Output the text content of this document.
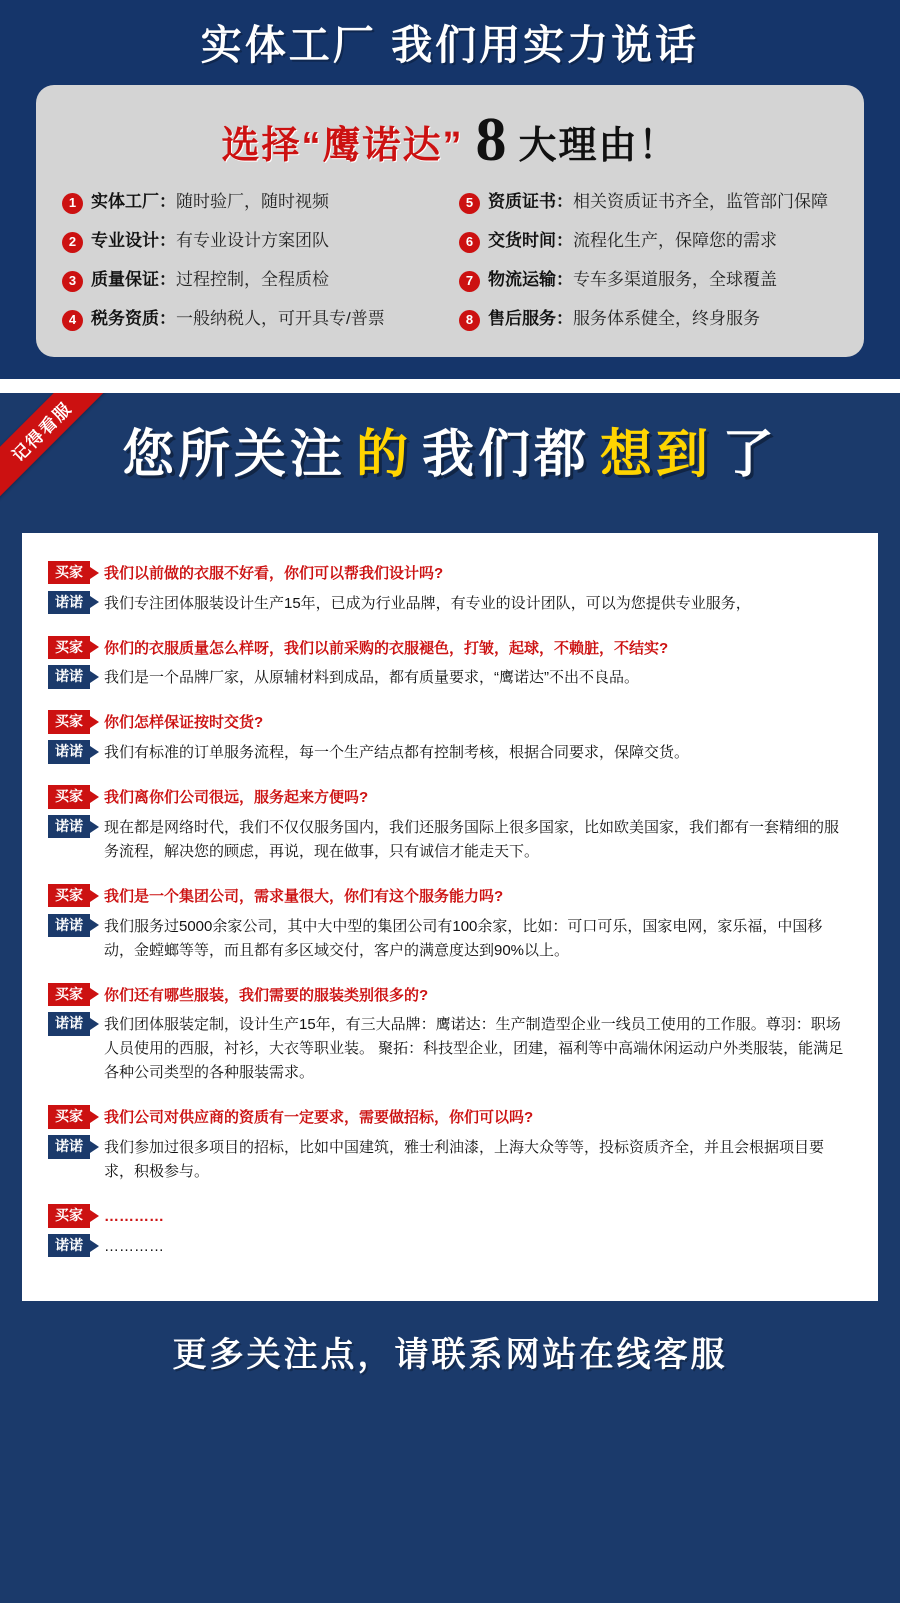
实体工厂 我们用实力说话
选择“鹰诺达” 8 大理由！
1 实体工厂：随时验厂，随时视频	5 资质证书：相关资质证书齐全，监管部门保障
2 专业设计：有专业设计方案团队	6 交货时间：流程化生产，保障您的需求
3 质量保证：过程控制，全程质检	7 物流运输：专车多渠道服务，全球覆盖
4 税务资质：一般纳税人，可开具专/普票	8 售后服务：服务体系健全，终身服务
记得看服 您所关注 的 我们都 想到 了
买家	我们以前做的衣服不好看，你们可以帮我们设计吗?
诺诺	我们专注团体服装设计生产15年，已成为行业品牌，有专业的设计团队，可以为您提供专业服务，
买家	你们的衣服质量怎么样呀，我们以前采购的衣服褪色，打皱，起球，不赖脏，不结实?
诺诺	我们是一个品牌厂家，从原辅材料到成品，都有质量要求，“鹰诺达”不出不良品。
买家	你们怎样保证按时交货?
诺诺	我们有标准的订单服务流程，每一个生产结点都有控制考核，根据合同要求，保障交货。
买家	我们离你们公司很远，服务起来方便吗?
诺诺	现在都是网络时代，我们不仅仅服务国内，我们还服务国际上很多国家，比如欧美国家，我们都有一套精细的服务流程，解决您的顾虑，再说，现在做事，只有诚信才能走天下。
买家	我们是一个集团公司，需求量很大，你们有这个服务能力吗?
诺诺	我们服务过5000余家公司，其中大中型的集团公司有100余家，比如：可口可乐，国家电网，家乐福，中国移动，金螳螂等等，而且都有多区域交付，客户的满意度达到90%以上。
买家	你们还有哪些服装，我们需要的服装类别很多的?
诺诺	我们团体服装定制，设计生产15年，有三大品牌：鹰诺达：生产制造型企业一线员工使用的工作服。尊羽：职场人员使用的西服，衬衫，大衣等职业装。 聚拓：科技型企业，团建，福利等中高端休闲运动户外类服装，能满足各种公司类型的各种服装需求。
买家	我们公司对供应商的资质有一定要求，需要做招标，你们可以吗?
诺诺	我们参加过很多项目的招标，比如中国建筑，雅士利油漆，上海大众等等，投标资质齐全，并且会根据项目要求，积极参与。
买家	…………
诺诺	…………
更多关注点，请联系网站在线客服
